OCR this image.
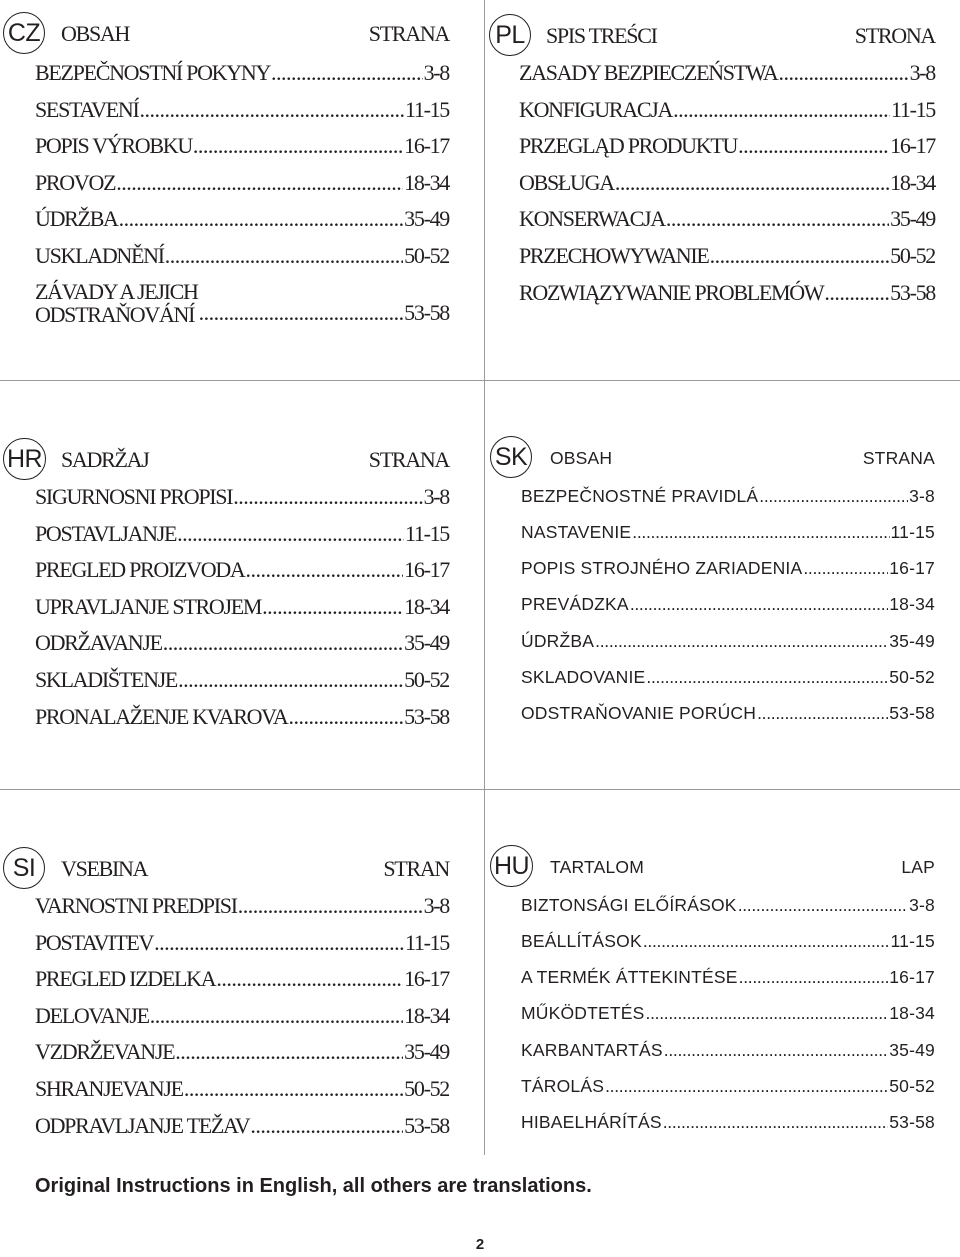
CZ OBSAH	STRANA
BEZPEČNOSTNÍ POKYNY .....	3-8
SESTAVENÍ .....	11-15
POPIS VÝROBKU .....	16-17
PROVOZ .....	18-34
ÚDRŽBA .....	35-49
USKLADNĚNÍ .....	50-52
ZÁVADY A JEJICH
ODSTRAŇOVÁNÍ .....	53-58
PL SPIS TREŚCI	STRONA
ZASADY BEZPIECZEŃSTWA .....	3-8
KONFIGURACJA .....	11-15
PRZEGLĄD PRODUKTU .....	16-17
OBSŁUGA .....	18-34
KONSERWACJA .....	35-49
PRZECHOWYWANIE .....	50-52
ROZWIĄZYWANIE PROBLEMÓW .....	53-58
HR SADRŽAJ	STRANA
SIGURNOSNI PROPISI .....	3-8
POSTAVLJANJE .....	11-15
PREGLED PROIZVODA .....	16-17
UPRAVLJANJE STROJEM .....	18-34
ODRŽAVANJE .....	35-49
SKLADIŠTENJE .....	50-52
PRONALAŽENJE KVAROVA .....	53-58
SK OBSAH	STRANA
BEZPEČNOSTNÉ PRAVIDLÁ .....	3-8
NASTAVENIE .....	11-15
POPIS STROJNÉHO ZARIADENIA .....	16-17
PREVÁDZKA .....	18-34
ÚDRŽBA .....	35-49
SKLADOVANIE .....	50-52
ODSTRAŇOVANIE PORÚCH .....	53-58
SI	VSEBINA	STRAN
VARNOSTNI PREDPISI .....	3-8
POSTAVITEV .....	11-15
PREGLED IZDELKA .....	16-17
DELOVANJE .....	18-34
VZDRŽEVANJE .....	35-49
SHRANJEVANJE .....	50-52
ODPRAVLJANJE TEŽAV .....	53-58
HU TARTALOM	LAP
BIZTONSÁGI ELŐÍRÁSOK .....	3-8
BEÁLLÍTÁSOK .....	11-15
A TERMÉK ÁTTEKINTÉSE .....	16-17
MŰKÖDTETÉS .....	18-34
KARBANTARTÁS .....	35-49
TÁROLÁS .....	50-52
HIBAELHÁRÍTÁS .....	53-58
Original Instructions in English, all others are translations.
2
